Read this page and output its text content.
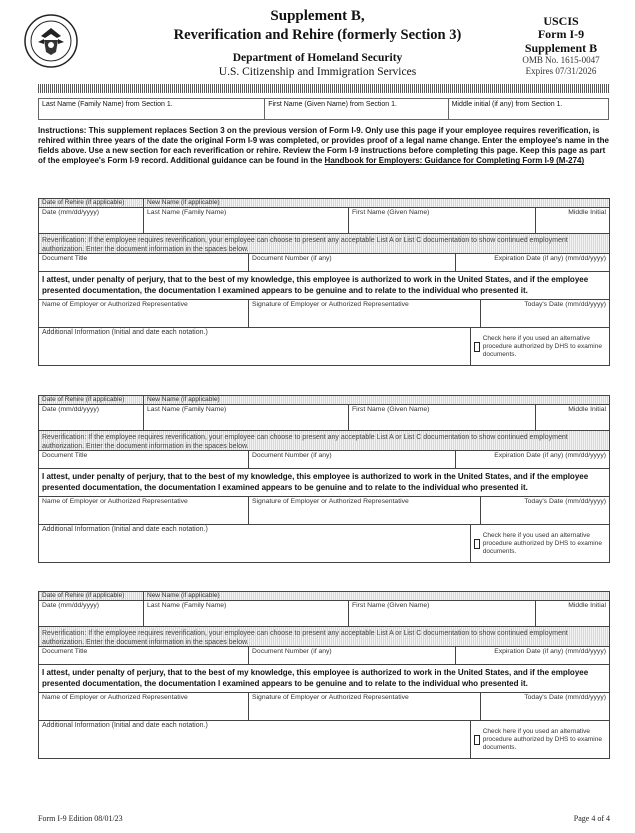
Supplement B,
Reverification and Rehire (formerly Section 3)
Department of Homeland Security
U.S. Citizenship and Immigration Services
USCIS
Form I-9
Supplement B
OMB No. 1615-0047
Expires 07/31/2026
Last Name (Family Name) from Section 1.	First Name (Given Name) from Section 1.	Middle initial (if any) from Section 1.
Instructions: This supplement replaces Section 3 on the previous version of Form I-9. Only use this page if your employee requires reverification, is rehired within three years of the date the original Form I-9 was completed, or provides proof of a legal name change. Enter the employee's name in the fields above. Use a new section for each reverification or rehire. Review the Form I-9 instructions before completing this page. Keep this page as part of the employee's Form I-9 record. Additional guidance can be found in the Handbook for Employers: Guidance for Completing Form I-9 (M-274)
Date of Rehire (if applicable)	New Name (if applicable)
Date (mm/dd/yyyy)	Last Name (Family Name)	First Name (Given Name)	Middle Initial
Reverification: If the employee requires reverification, your employee can choose to present any acceptable List A or List C documentation to show continued employment authorization. Enter the document information in the spaces below.
Document Title	Document Number (if any)	Expiration Date (if any) (mm/dd/yyyy)
I attest, under penalty of perjury, that to the best of my knowledge, this employee is authorized to work in the United States, and if the employee presented documentation, the documentation I examined appears to be genuine and to relate to the individual who presented it.
Name of Employer or Authorized Representative	Signature of Employer or Authorized Representative	Today's Date (mm/dd/yyyy)
Additional Information (Initial and date each notation.)
Check here if you used an alternative procedure authorized by DHS to examine documents.
Date of Rehire (if applicable)	New Name (if applicable)
Date (mm/dd/yyyy)	Last Name (Family Name)	First Name (Given Name)	Middle Initial
Reverification: If the employee requires reverification, your employee can choose to present any acceptable List A or List C documentation to show continued employment authorization. Enter the document information in the spaces below.
Document Title	Document Number (if any)	Expiration Date (if any) (mm/dd/yyyy)
I attest, under penalty of perjury, that to the best of my knowledge, this employee is authorized to work in the United States, and if the employee presented documentation, the documentation I examined appears to be genuine and to relate to the individual who presented it.
Name of Employer or Authorized Representative	Signature of Employer or Authorized Representative	Today's Date (mm/dd/yyyy)
Additional Information (Initial and date each notation.)
Check here if you used an alternative procedure authorized by DHS to examine documents.
Date of Rehire (if applicable)	New Name (if applicable)
Date (mm/dd/yyyy)	Last Name (Family Name)	First Name (Given Name)	Middle Initial
Reverification: If the employee requires reverification, your employee can choose to present any acceptable List A or List C documentation to show continued employment authorization. Enter the document information in the spaces below.
Document Title	Document Number (if any)	Expiration Date (if any) (mm/dd/yyyy)
I attest, under penalty of perjury, that to the best of my knowledge, this employee is authorized to work in the United States, and if the employee presented documentation, the documentation I examined appears to be genuine and to relate to the individual who presented it.
Name of Employer or Authorized Representative	Signature of Employer or Authorized Representative	Today's Date (mm/dd/yyyy)
Additional Information (Initial and date each notation.)
Check here if you used an alternative procedure authorized by DHS to examine documents.
Form I-9 Edition 08/01/23	Page 4 of 4
